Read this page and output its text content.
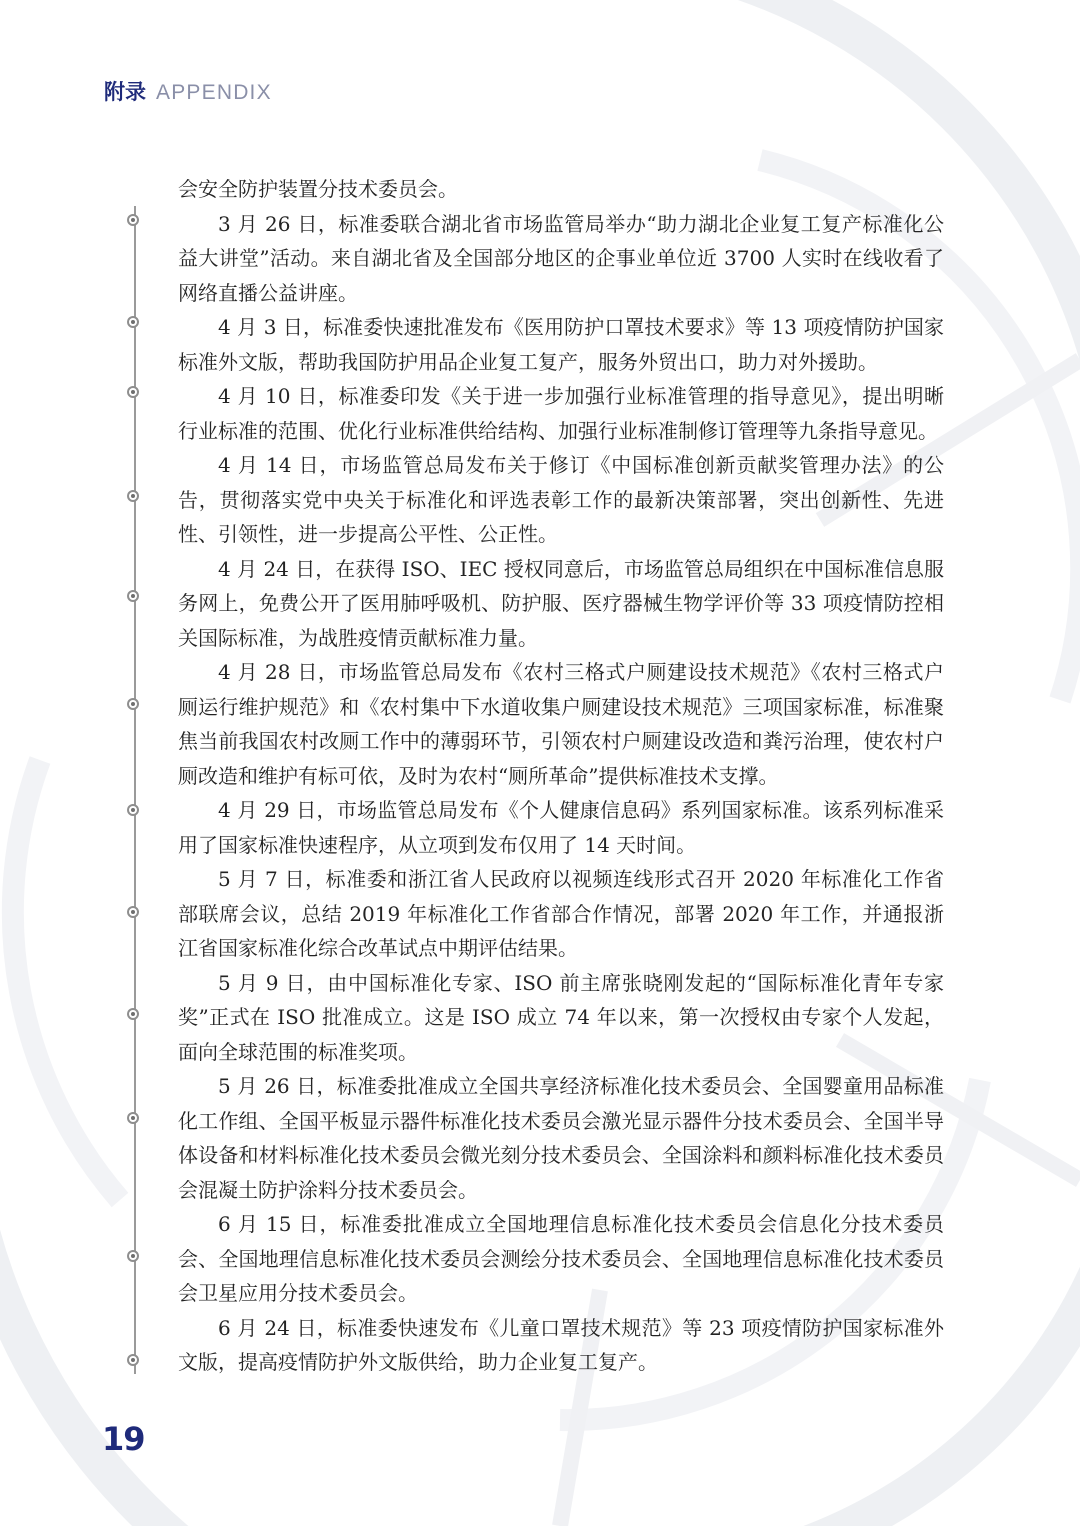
附录 APPENDIX

会安全防护装置分技术委员会。

3 月 26 日，标准委联合湖北省市场监管局举办“助力湖北企业复工复产标准化公益大讲堂”活动。来自湖北省及全国部分地区的企事业单位近 3700 人实时在线收看了网络直播公益讲座。

4 月 3 日，标准委快速批准发布《医用防护口罩技术要求》等 13 项疫情防护国家标准外文版，帮助我国防护用品企业复工复产，服务外贸出口，助力对外援助。

4 月 10 日，标准委印发《关于进一步加强行业标准管理的指导意见》，提出明晰行业标准的范围、优化行业标准供给结构、加强行业标准制修订管理等九条指导意见。

4 月 14 日，市场监管总局发布关于修订《中国标准创新贡献奖管理办法》的公告，贯彻落实党中央关于标准化和评选表彰工作的最新决策部署，突出创新性、先进性、引领性，进一步提高公平性、公正性。

4 月 24 日，在获得 ISO、IEC 授权同意后，市场监管总局组织在中国标准信息服务网上，免费公开了医用肺呼吸机、防护服、医疗器械生物学评价等 33 项疫情防控相关国际标准，为战胜疫情贡献标准力量。

4 月 28 日，市场监管总局发布《农村三格式户厕建设技术规范》《农村三格式户厕运行维护规范》和《农村集中下水道收集户厕建设技术规范》三项国家标准，标准聚焦当前我国农村改厕工作中的薄弱环节，引领农村户厕建设改造和粪污治理，使农村户厕改造和维护有标可依，及时为农村“厕所革命”提供标准技术支撑。

4 月 29 日，市场监管总局发布《个人健康信息码》系列国家标准。该系列标准采用了国家标准快速程序，从立项到发布仅用了 14 天时间。

5 月 7 日，标准委和浙江省人民政府以视频连线形式召开 2020 年标准化工作省部联席会议，总结 2019 年标准化工作省部合作情况，部署 2020 年工作，并通报浙江省国家标准化综合改革试点中期评估结果。

5 月 9 日，由中国标准化专家、ISO 前主席张晓刚发起的“国际标准化青年专家奖”正式在 ISO 批准成立。这是 ISO 成立 74 年以来，第一次授权由专家个人发起，面向全球范围的标准奖项。

5 月 26 日，标准委批准成立全国共享经济标准化技术委员会、全国婴童用品标准化工作组、全国平板显示器件标准化技术委员会激光显示器件分技术委员会、全国半导体设备和材料标准化技术委员会微光刻分技术委员会、全国涂料和颜料标准化技术委员会混凝土防护涂料分技术委员会。

6 月 15 日，标准委批准成立全国地理信息标准化技术委员会信息化分技术委员会、全国地理信息标准化技术委员会测绘分技术委员会、全国地理信息标准化技术委员会卫星应用分技术委员会。

6 月 24 日，标准委快速发布《儿童口罩技术规范》等 23 项疫情防护国家标准外文版，提高疫情防护外文版供给，助力企业复工复产。

19
